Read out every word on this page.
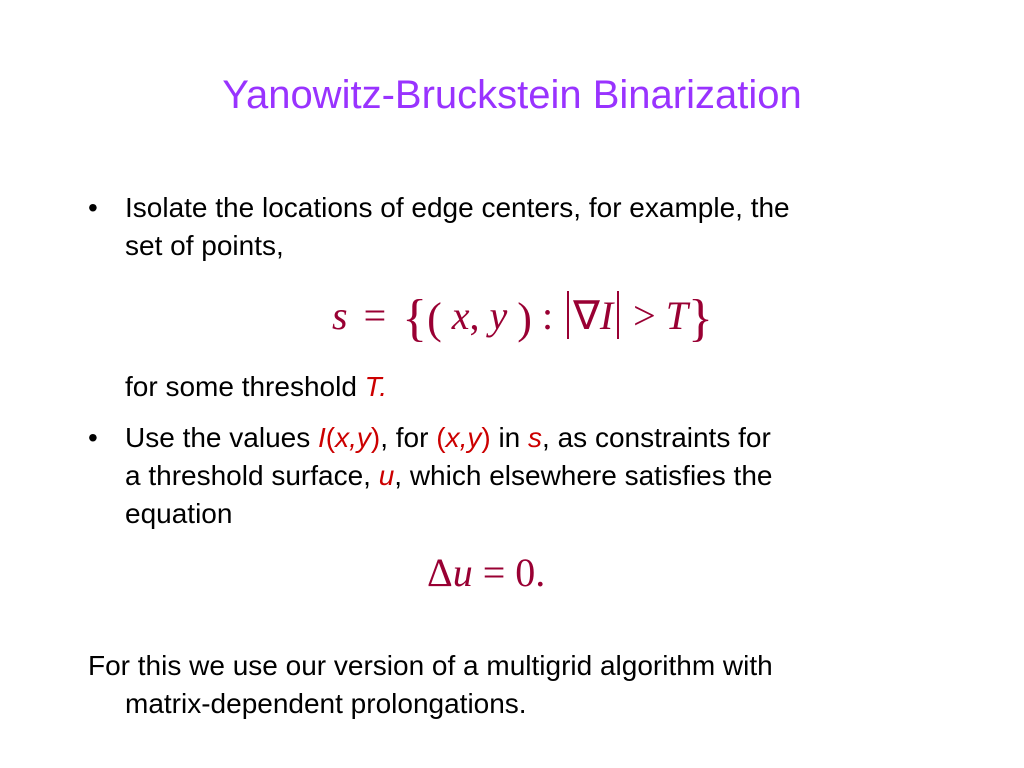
Yanowitz-Bruckstein Binarization
• Isolate the locations of edge centers, for example, the
set of points,
s = {( x, y ) : ∇I > T}
for some threshold T.
• Use the values I(x,y), for (x,y) in s, as constraints for
a threshold surface, u, which elsewhere satisfies the
equation
Δu = 0.
For this we use our version of a multigrid algorithm with
matrix-dependent prolongations.
